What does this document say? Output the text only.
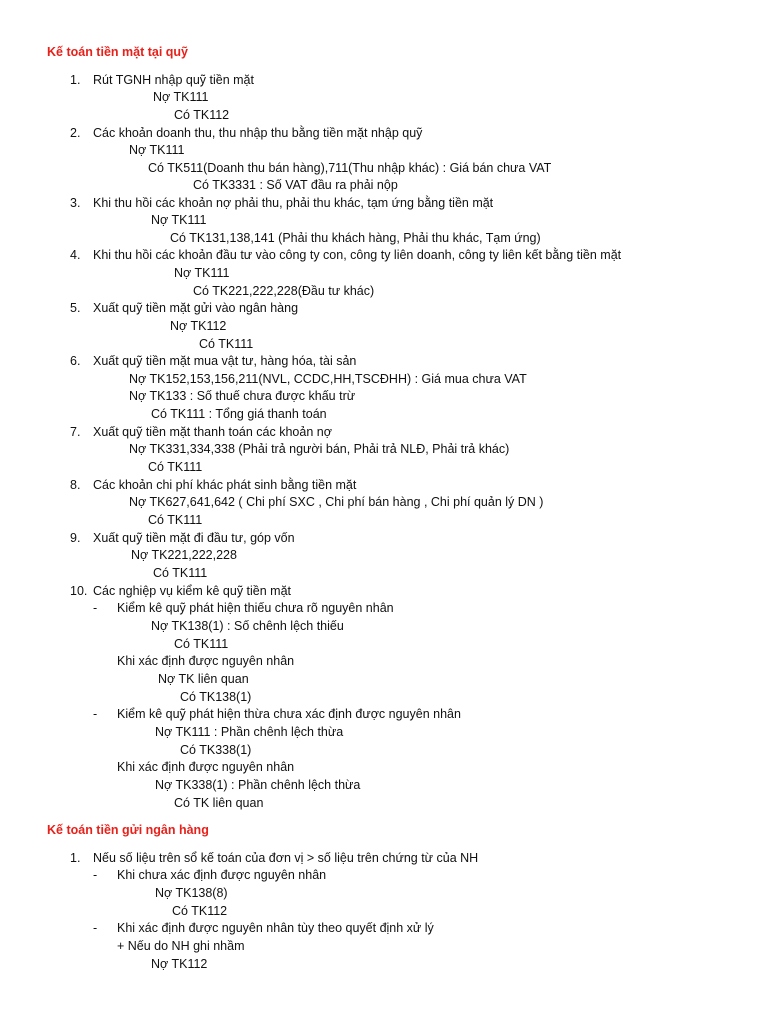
Kế toán tiền mặt tại quỹ
1. Rút TGNH nhập quỹ tiền mặt
Nợ TK111
Có TK112
2. Các khoản doanh thu, thu nhập thu bằng tiền mặt nhập quỹ
Nợ TK111
Có TK511(Doanh thu bán hàng),711(Thu nhập khác) : Giá bán chưa VAT
Có TK3331 : Số VAT đầu ra phải nộp
3. Khi thu hồi các khoản nợ phải thu, phải thu khác, tạm ứng bằng tiền mặt
Nợ TK111
Có TK131,138,141 (Phải thu khách hàng, Phải thu khác, Tạm ứng)
4. Khi thu hồi các khoản đầu tư vào công ty con, công ty liên doanh, công ty liên kết bằng tiền mặt
Nợ TK111
Có TK221,222,228(Đầu tư khác)
5. Xuất quỹ tiền mặt gửi vào ngân hàng
Nợ TK112
Có TK111
6. Xuất quỹ tiền mặt mua vật tư, hàng hóa, tài sản
Nợ TK152,153,156,211(NVL, CCDC,HH,TSCĐHH) : Giá mua chưa VAT
Nợ TK133 : Số thuế chưa được khấu trừ
Có TK111 : Tổng giá thanh toán
7. Xuất quỹ tiền mặt thanh toán các khoản nợ
Nợ TK331,334,338 (Phải trả người bán, Phải trả NLĐ, Phải trả khác)
Có TK111
8. Các khoản chi phí khác phát sinh bằng tiền mặt
Nợ TK627,641,642 ( Chi phí SXC , Chi phí bán hàng , Chi phí quản lý DN )
Có TK111
9. Xuất quỹ tiền mặt đi đầu tư, góp vốn
Nợ TK221,222,228
Có TK111
10. Các nghiệp vụ kiểm kê quỹ tiền mặt
- Kiểm kê quỹ phát hiện thiếu chưa rõ nguyên nhân
Nợ TK138(1) : Số chênh lệch thiếu
Có TK111
Khi xác định được nguyên nhân
Nợ TK liên quan
Có TK138(1)
- Kiểm kê quỹ phát hiện thừa chưa xác định được nguyên nhân
Nợ TK111 : Phần chênh lệch thừa
Có TK338(1)
Khi xác định được nguyên nhân
Nợ TK338(1) : Phần chênh lệch thừa
Có TK liên quan
Kế toán tiền gửi ngân hàng
1. Nếu số liệu trên sổ kế toán của đơn vị > số liệu trên chứng từ của NH
- Khi chưa xác định được nguyên nhân
Nợ TK138(8)
Có TK112
- Khi xác định được nguyên nhân tùy theo quyết định xử lý
+ Nếu do NH ghi nhầm
Nợ TK112
